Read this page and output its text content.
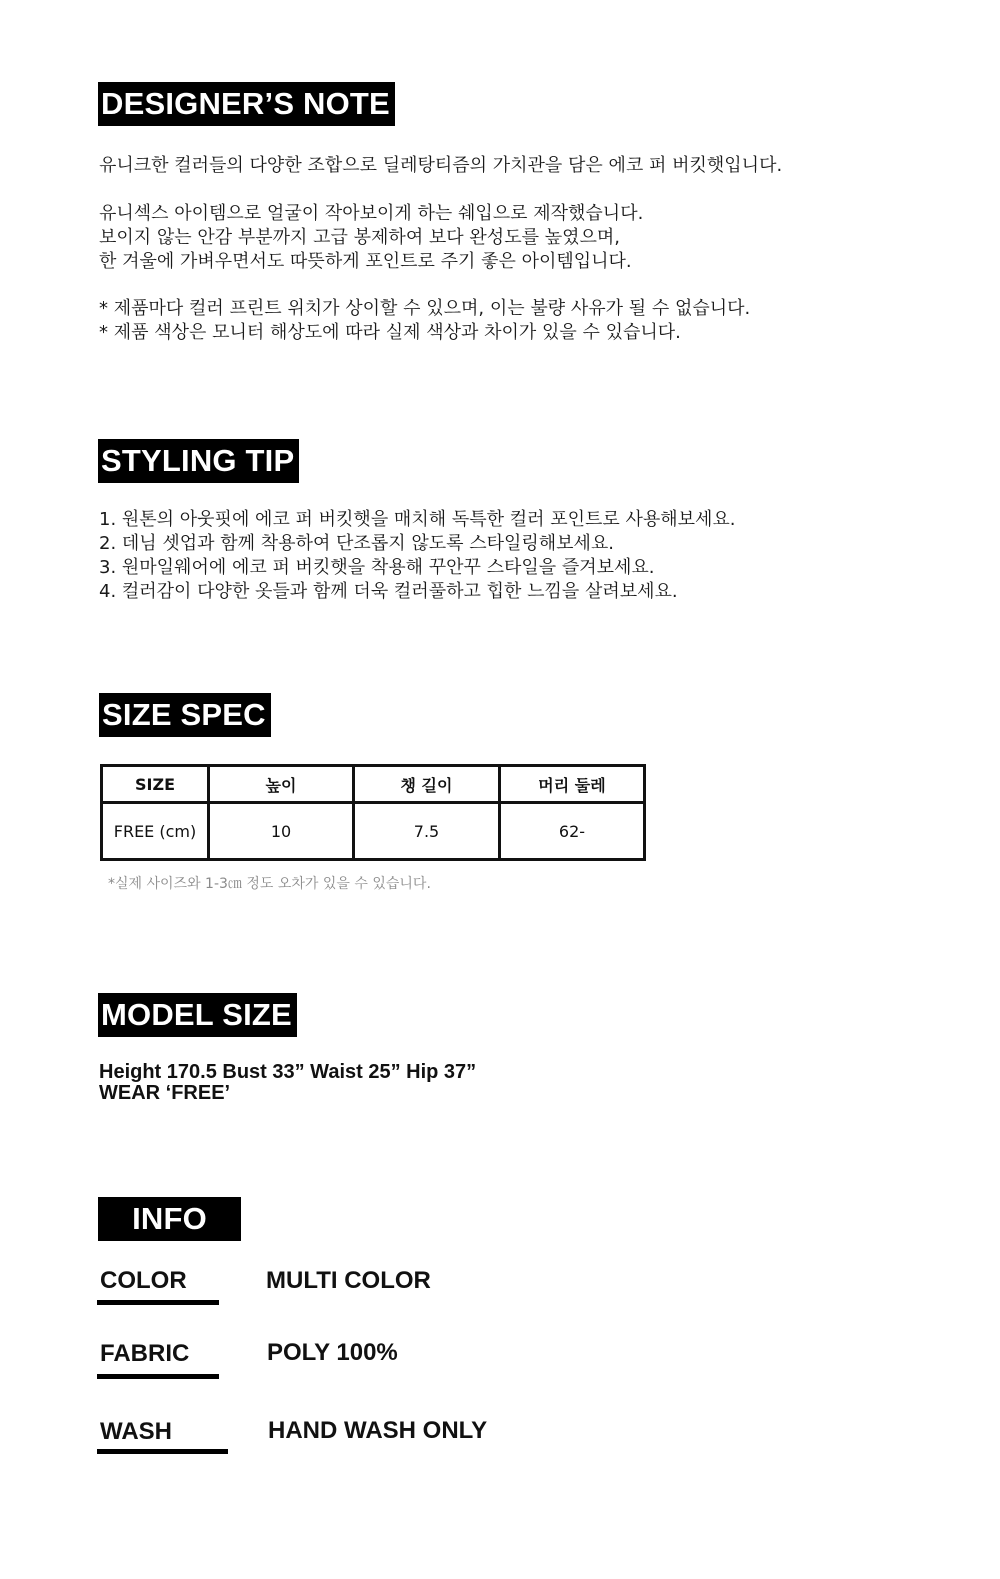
DESIGNER’S NOTE
유니크한 컬러들의 다양한 조합으로 딜레탕티즘의 가치관을 담은 에코 퍼 버킷햇입니다.
유니섹스 아이템으로 얼굴이 작아보이게 하는 쉐입으로 제작했습니다.
보이지 않는 안감 부분까지 고급 봉제하여 보다 완성도를 높였으며,
한 겨울에 가벼우면서도 따뜻하게 포인트로 주기 좋은 아이템입니다.
* 제품마다 컬러 프린트 위치가 상이할 수 있으며, 이는 불량 사유가 될 수 없습니다.
* 제품 색상은 모니터 해상도에 따라 실제 색상과 차이가 있을 수 있습니다.
STYLING TIP
1. 원톤의 아웃핏에 에코 퍼 버킷햇을 매치해 독특한 컬러 포인트로 사용해보세요.
2. 데님 셋업과 함께 착용하여 단조롭지 않도록 스타일링해보세요.
3. 원마일웨어에 에코 퍼 버킷햇을 착용해 꾸안꾸 스타일을 즐겨보세요.
4. 컬러감이 다양한 옷들과 함께 더욱 컬러풀하고 힙한 느낌을 살려보세요.
SIZE SPEC
SIZE	높이	챙 길이	머리 둘레
FREE (cm)	10	7.5	62-
*실제 사이즈와 1-3㎝ 정도 오차가 있을 수 있습니다.
MODEL SIZE
Height 170.5 Bust 33” Waist 25” Hip 37”
WEAR ‘FREE’
INFO
COLOR	MULTI COLOR
FABRIC	POLY 100%
WASH	HAND WASH ONLY
